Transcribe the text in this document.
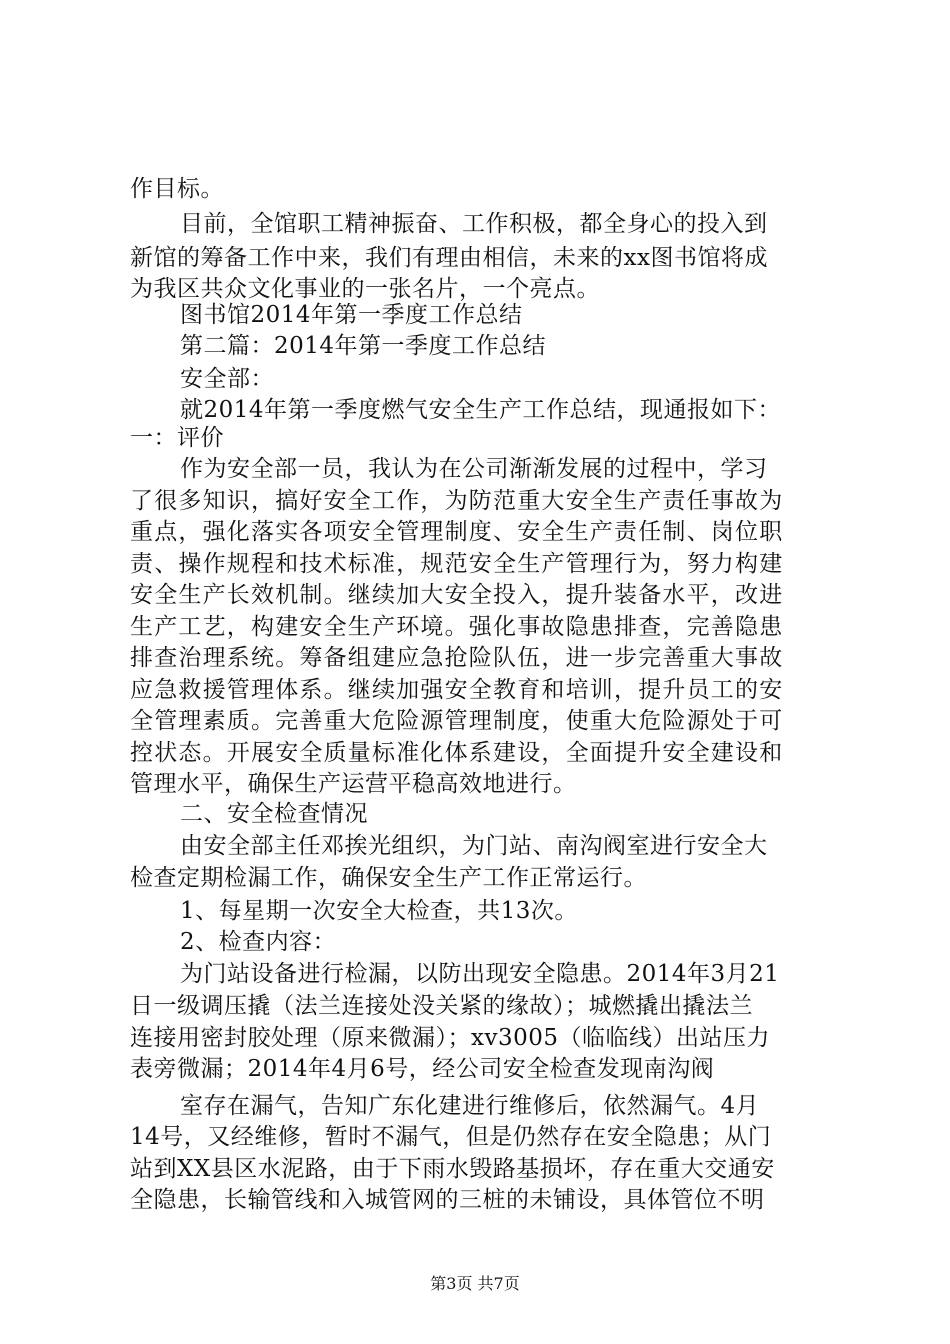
作目标。
目前，全馆职工精神振奋、工作积极，都全身心的投入到
新馆的筹备工作中来，我们有理由相信，未来的xx图书馆将成
为我区共众文化事业的一张名片，一个亮点。
图书馆2014年第一季度工作总结
第二篇：2014年第一季度工作总结
安全部：
就2014年第一季度燃气安全生产工作总结，现通报如下：
一：评价
作为安全部一员，我认为在公司渐渐发展的过程中，学习
了很多知识，搞好安全工作，为防范重大安全生产责任事故为
重点，强化落实各项安全管理制度、安全生产责任制、岗位职
责、操作规程和技术标准，规范安全生产管理行为，努力构建
安全生产长效机制。继续加大安全投入，提升装备水平，改进
生产工艺，构建安全生产环境。强化事故隐患排查，完善隐患
排查治理系统。筹备组建应急抢险队伍，进一步完善重大事故
应急救援管理体系。继续加强安全教育和培训，提升员工的安
全管理素质。完善重大危险源管理制度，使重大危险源处于可
控状态。开展安全质量标准化体系建设，全面提升安全建设和
管理水平，确保生产运营平稳高效地进行。
二、安全检查情况
由安全部主任邓挨光组织，为门站、南沟阀室进行安全大
检查定期检漏工作，确保安全生产工作正常运行。
1、每星期一次安全大检查，共13次。
2、检查内容：
为门站设备进行检漏，以防出现安全隐患。2014年3月21
日一级调压撬（法兰连接处没关紧的缘故）；城燃撬出撬法兰
连接用密封胶处理（原来微漏）；xv3005（临临线）出站压力
表旁微漏；2014年4月6号，经公司安全检查发现南沟阀
室存在漏气，告知广东化建进行维修后，依然漏气。4月
14号，又经维修，暂时不漏气，但是仍然存在安全隐患；从门
站到XX县区水泥路，由于下雨水毁路基损坏，存在重大交通安
全隐患，长输管线和入城管网的三桩的未铺设，具体管位不明
第3页 共7页
